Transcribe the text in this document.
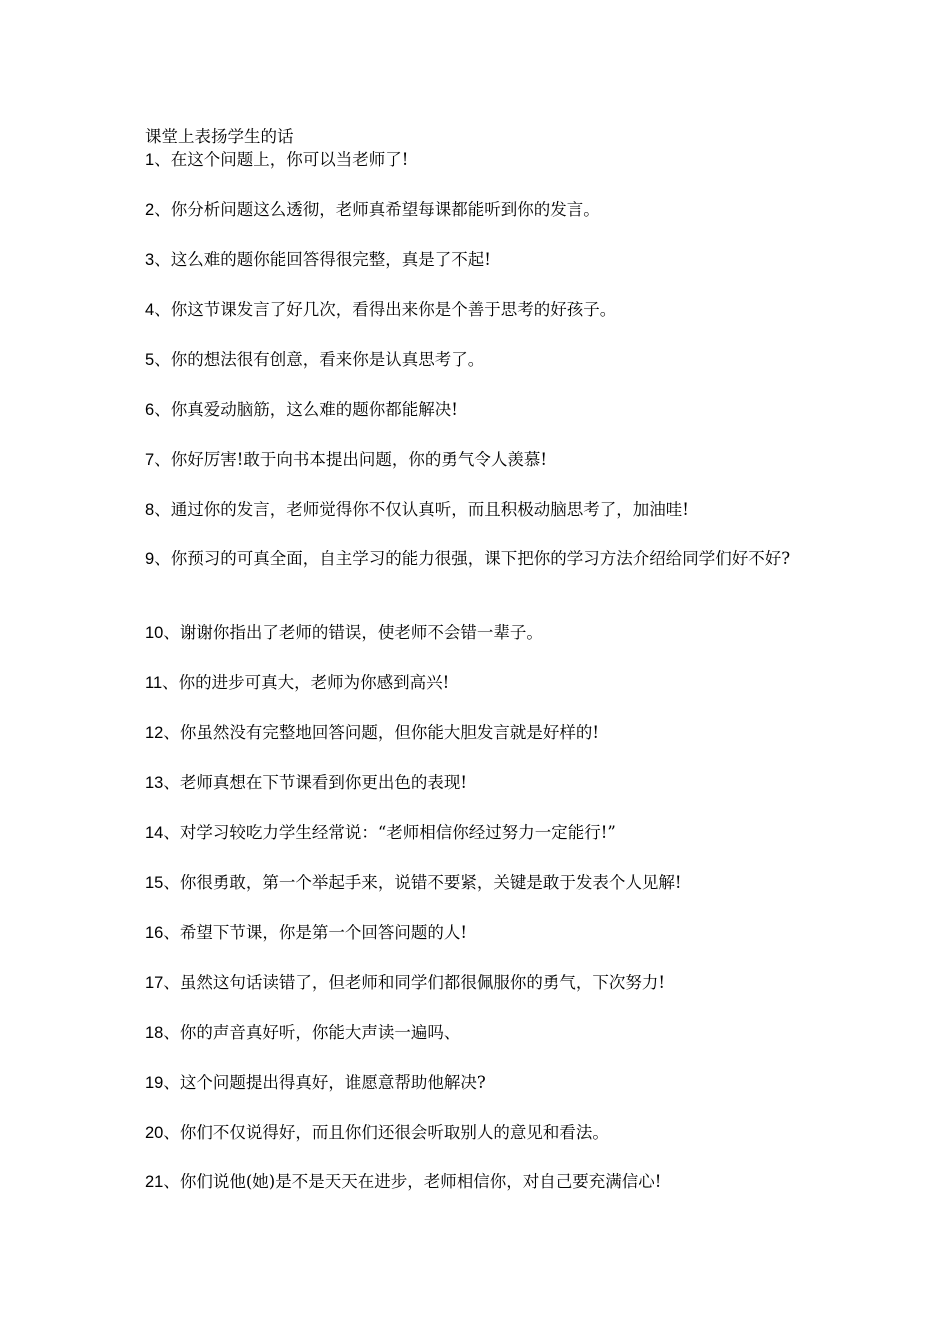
课堂上表扬学生的话
1、在这个问题上，你可以当老师了!
2、你分析问题这么透彻，老师真希望每课都能听到你的发言。
3、这么难的题你能回答得很完整，真是了不起!
4、你这节课发言了好几次，看得出来你是个善于思考的好孩子。
5、你的想法很有创意，看来你是认真思考了。
6、你真爱动脑筋，这么难的题你都能解决!
7、你好厉害!敢于向书本提出问题，你的勇气令人羡慕!
8、通过你的发言，老师觉得你不仅认真听，而且积极动脑思考了，加油哇!
9、你预习的可真全面，自主学习的能力很强，课下把你的学习方法介绍给同学们好不好?
10、谢谢你指出了老师的错误，使老师不会错一辈子。
11、你的进步可真大，老师为你感到高兴!
12、你虽然没有完整地回答问题，但你能大胆发言就是好样的!
13、老师真想在下节课看到你更出色的表现!
14、对学习较吃力学生经常说：“老师相信你经过努力一定能行!”
15、你很勇敢，第一个举起手来，说错不要紧，关键是敢于发表个人见解!
16、希望下节课，你是第一个回答问题的人!
17、虽然这句话读错了，但老师和同学们都很佩服你的勇气，下次努力!
18、你的声音真好听，你能大声读一遍吗、
19、这个问题提出得真好，谁愿意帮助他解决?
20、你们不仅说得好，而且你们还很会听取别人的意见和看法。
21、你们说他(她)是不是天天在进步，老师相信你，对自己要充满信心!
